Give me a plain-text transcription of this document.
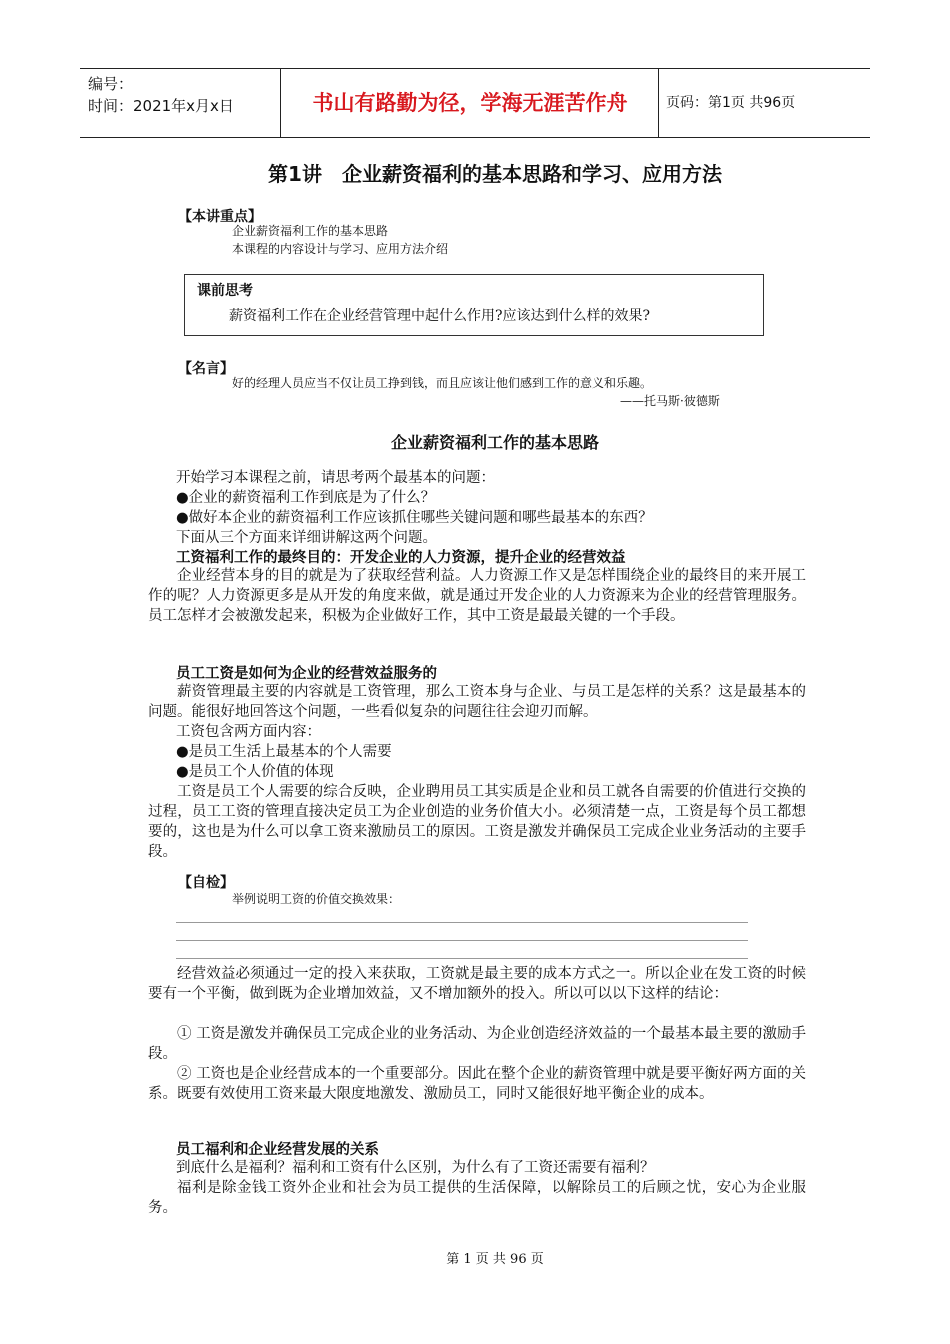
编号：
时间：2021年x月x日	书山有路勤为径，学海无涯苦作舟	页码：第1页 共96页
第1讲　企业薪资福利的基本思路和学习、应用方法
【本讲重点】
企业薪资福利工作的基本思路
本课程的内容设计与学习、应用方法介绍
课前思考
薪资福利工作在企业经营管理中起什么作用?应该达到什么样的效果?
【名言】
好的经理人员应当不仅让员工挣到钱，而且应该让他们感到工作的意义和乐趣。
——托马斯·彼德斯
企业薪资福利工作的基本思路
开始学习本课程之前，请思考两个最基本的问题：
●企业的薪资福利工作到底是为了什么？
●做好本企业的薪资福利工作应该抓住哪些关键问题和哪些最基本的东西？
下面从三个方面来详细讲解这两个问题。
工资福利工作的最终目的：开发企业的人力资源，提升企业的经营效益
企业经营本身的目的就是为了获取经营利益。人力资源工作又是怎样围绕企业的最终目的来开展工作的呢？人力资源更多是从开发的角度来做，就是通过开发企业的人力资源来为企业的经营管理服务。员工怎样才会被激发起来，积极为企业做好工作，其中工资是最最关键的一个手段。
员工工资是如何为企业的经营效益服务的
薪资管理最主要的内容就是工资管理，那么工资本身与企业、与员工是怎样的关系？这是最基本的问题。能很好地回答这个问题，一些看似复杂的问题往往会迎刃而解。
工资包含两方面内容：
●是员工生活上最基本的个人需要
●是员工个人价值的体现
工资是员工个人需要的综合反映，企业聘用员工其实质是企业和员工就各自需要的价值进行交换的过程，员工工资的管理直接决定员工为企业创造的业务价值大小。必须清楚一点，工资是每个员工都想要的，这也是为什么可以拿工资来激励员工的原因。工资是激发并确保员工完成企业业务活动的主要手段。
【自检】
举例说明工资的价值交换效果：
经营效益必须通过一定的投入来获取，工资就是最主要的成本方式之一。所以企业在发工资的时候要有一个平衡，做到既为企业增加效益，又不增加额外的投入。所以可以以下这样的结论：
① 工资是激发并确保员工完成企业的业务活动、为企业创造经济效益的一个最基本最主要的激励手段。
② 工资也是企业经营成本的一个重要部分。因此在整个企业的薪资管理中就是要平衡好两方面的关系。既要有效使用工资来最大限度地激发、激励员工，同时又能很好地平衡企业的成本。
员工福利和企业经营发展的关系
到底什么是福利？福利和工资有什么区别，为什么有了工资还需要有福利？
福利是除金钱工资外企业和社会为员工提供的生活保障，以解除员工的后顾之忧，安心为企业服务。
第 1 页 共 96 页
